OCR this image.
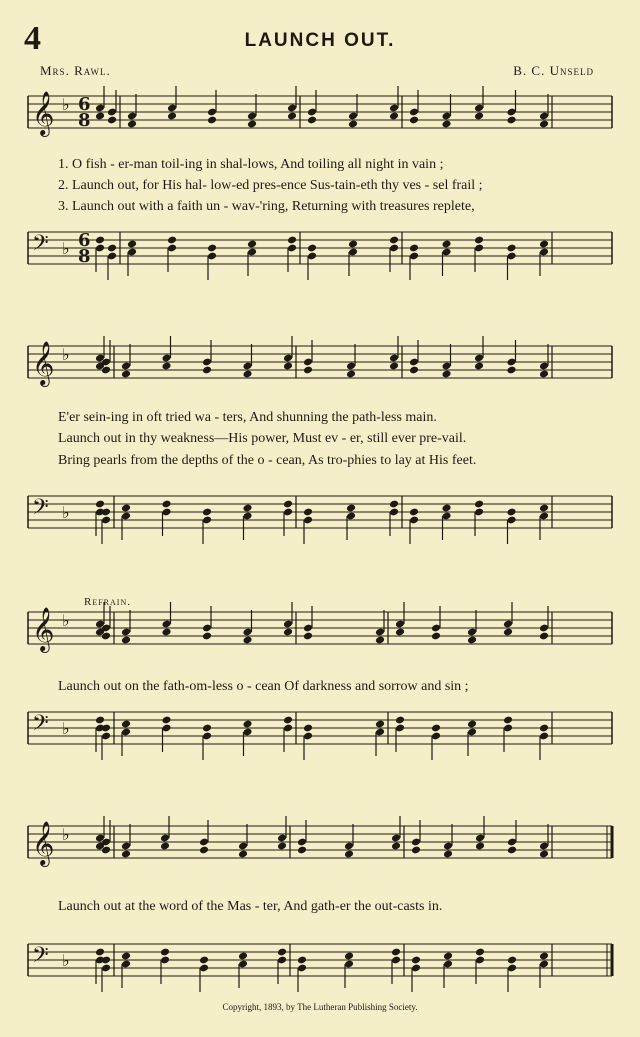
4	LAUNCH OUT.
Mrs. Rawl.	B. C. Unseld
𝄞 ♭
𝄢 ♭
𝄞 ♭
𝄢 ♭
𝄞 ♭
𝄢 ♭
𝄞 ♭
𝄢 ♭
6
8
6
8
1. O fish - er-man toil-ing in shal-lows, And toiling all night in vain ;
2. Launch out, for His hal- low-ed pres-ence Sus-tain-eth thy ves - sel frail ;
3. Launch out with a faith un - wav-'ring, Returning with treasures replete,
E'er sein-ing in oft tried wa - ters, And shunning the path-less main.
Launch out in thy weakness—His power, Must ev - er, still ever pre-vail.
Bring pearls from the depths of the o - cean, As tro-phies to lay at His feet.
Refrain.
Launch out on the fath-om-less o - cean Of darkness and sorrow and sin ;
Launch out at the word of the Mas - ter, And gath-er the out-casts in.
Copyright, 1893, by The Lutheran Publishing Society.
